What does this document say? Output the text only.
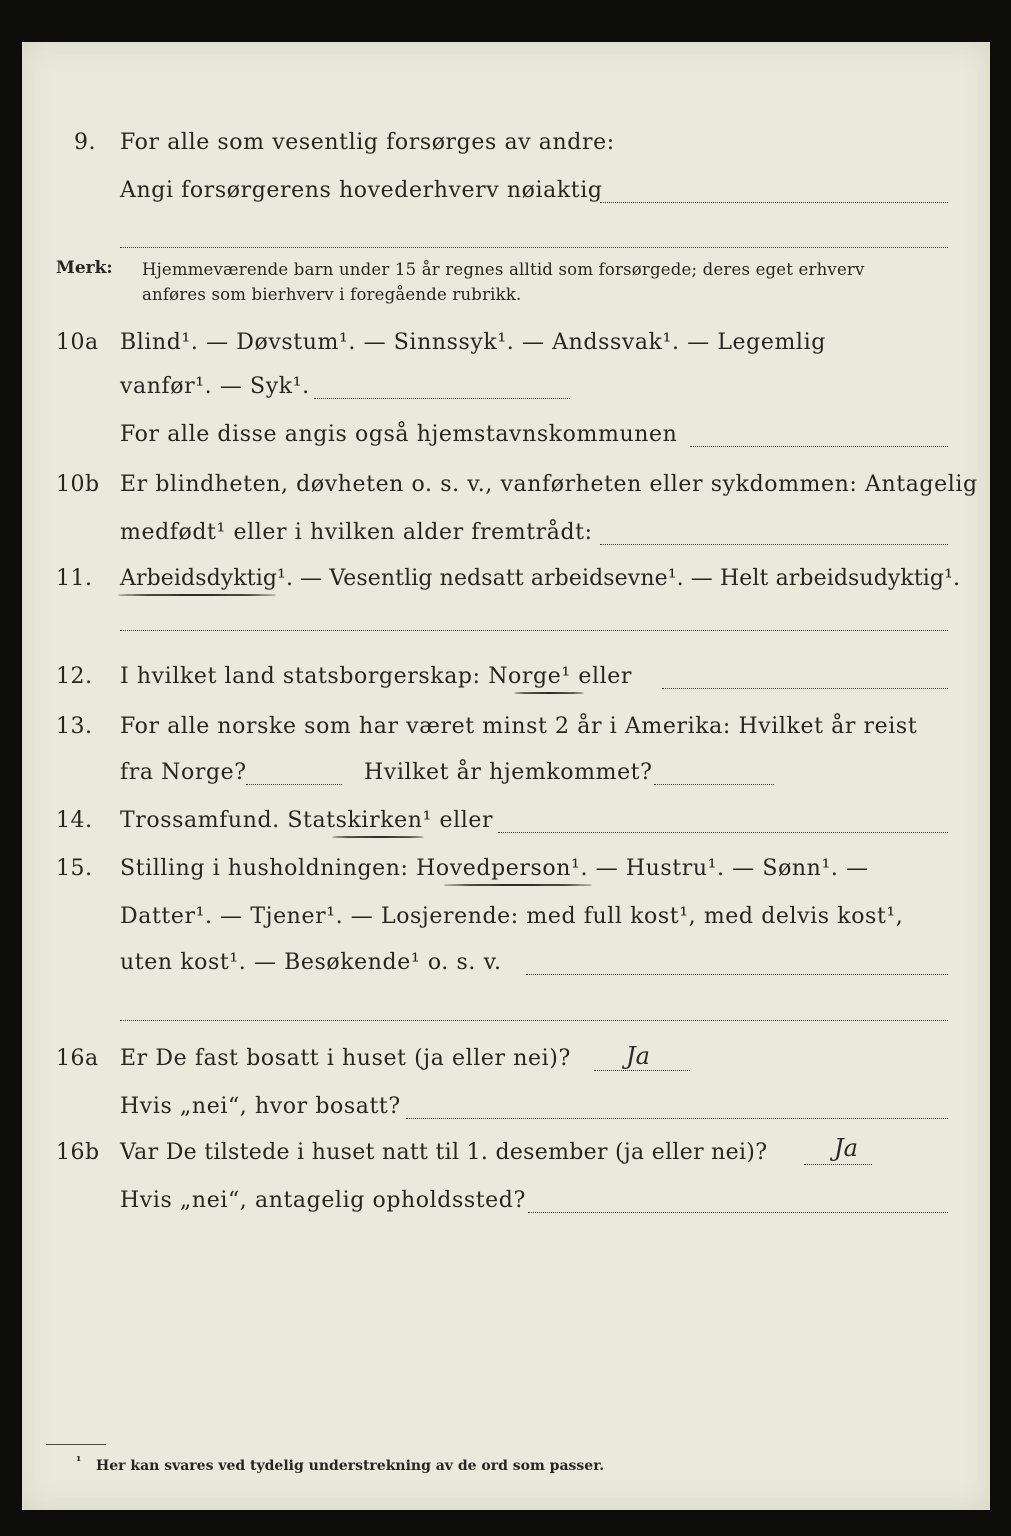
9. For alle som vesentlig forsørges av andre:
Angi forsørgerens hovederhverv nøiaktig
Merk: Hjemmeværende barn under 15 år regnes alltid som forsørgede; deres eget erhverv
anføres som bierhverv i foregående rubrikk.
10a Blind¹. — Døvstum¹. — Sinnssyk¹. — Andssvak¹. — Legemlig
vanfør¹. — Syk¹.
For alle disse angis også hjemstavnskommunen
10b Er blindheten, døvheten o. s. v., vanførheten eller sykdommen: Antagelig
medfødt¹ eller i hvilken alder fremtrådt:
11. Arbeidsdyktig¹. — Vesentlig nedsatt arbeidsevne¹. — Helt arbeidsudyktig¹.
12. I hvilket land statsborgerskap: Norge¹ eller
13. For alle norske som har været minst 2 år i Amerika: Hvilket år reist
fra Norge?	Hvilket år hjemkommet?
14. Trossamfund. Statskirken¹ eller
15. Stilling i husholdningen: Hovedperson¹. — Hustru¹. — Sønn¹. —
Datter¹. — Tjener¹. — Losjerende: med full kost¹, med delvis kost¹,
uten kost¹. — Besøkende¹ o. s. v.
16a Er De fast bosatt i huset (ja eller nei)? Ja
Hvis „nei“, hvor bosatt?
16b Var De tilstede i huset natt til 1. desember (ja eller nei)?	Ja
Hvis „nei“, antagelig opholdssted?
¹ Her kan svares ved tydelig understrekning av de ord som passer.
